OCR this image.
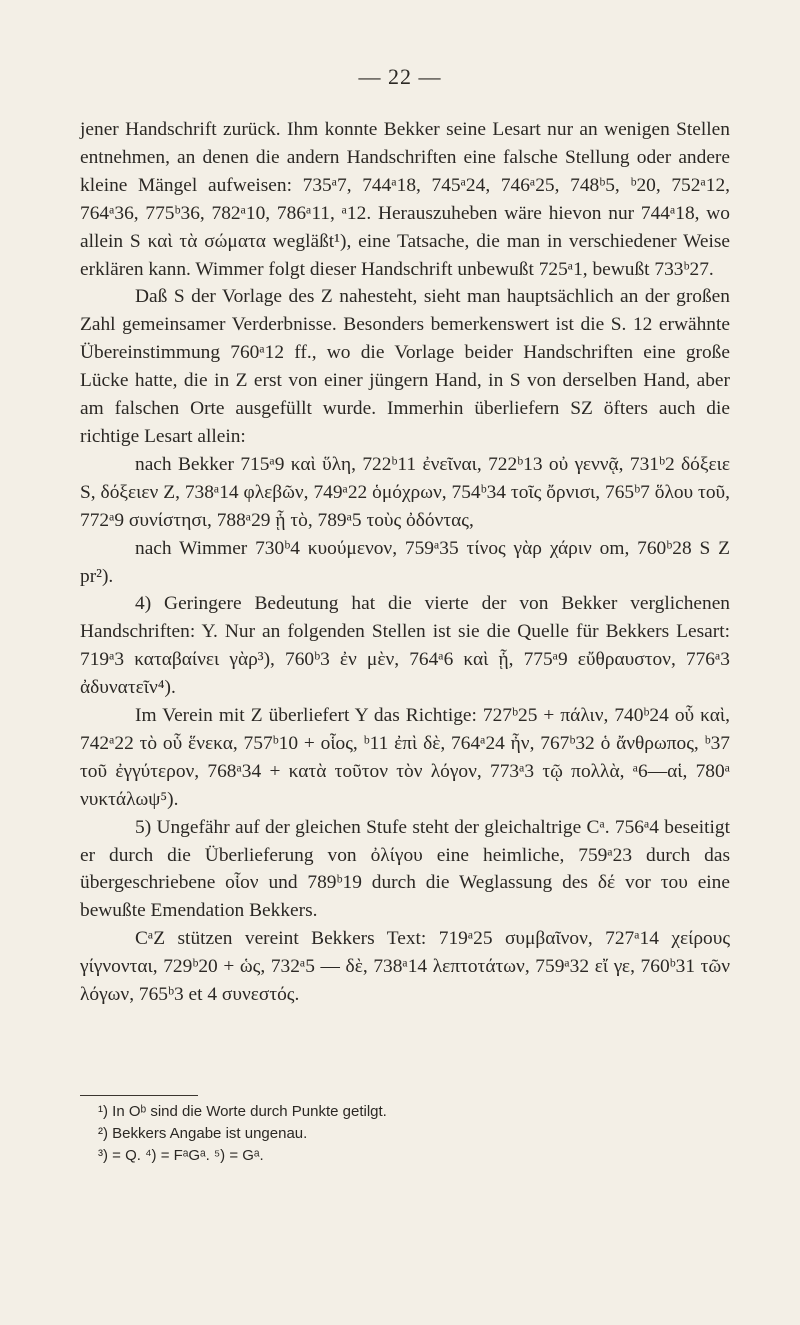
— 22 —

jener Handschrift zurück. Ihm konnte Bekker seine Lesart nur an wenigen Stellen entnehmen, an denen die andern Handschriften eine falsche Stellung oder andere kleine Mängel aufweisen: 735ᵃ7, 744ᵃ18, 745ᵃ24, 746ᵃ25, 748ᵇ5, ᵇ20, 752ᵃ12, 764ᵃ36, 775ᵇ36, 782ᵃ10, 786ᵃ11, ᵃ12. Herauszuheben wäre hievon nur 744ᵃ18, wo allein S καὶ τὰ σώματα wegläßt¹), eine Tatsache, die man in verschiedener Weise erklären kann. Wimmer folgt dieser Handschrift unbewußt 725ᵃ1, bewußt 733ᵇ27.

Daß S der Vorlage des Z nahesteht, sieht man hauptsächlich an der großen Zahl gemeinsamer Verderbnisse. Besonders bemerkenswert ist die S. 12 erwähnte Übereinstimmung 760ᵃ12 ff., wo die Vorlage beider Handschriften eine große Lücke hatte, die in Z erst von einer jüngern Hand, in S von derselben Hand, aber am falschen Orte ausgefüllt wurde. Immerhin überliefern SZ öfters auch die richtige Lesart allein:

nach Bekker 715ᵃ9 καὶ ὕλη, 722ᵇ11 ἐνεῖναι, 722ᵇ13 οὐ γεννᾷ, 731ᵇ2 δόξειε S, δόξειεν Z, 738ᵃ14 φλεβῶν, 749ᵃ22 ὁμόχρων, 754ᵇ34 τοῖς ὄρνισι, 765ᵇ7 ὅλου τοῦ, 772ᵃ9 συνίστησι, 788ᵃ29 ᾗ τὸ, 789ᵃ5 τοὺς ὀδόντας,

nach Wimmer 730ᵇ4 κυούμενον, 759ᵃ35 τίνος γὰρ χάριν om, 760ᵇ28 S Z pr²).

4) Geringere Bedeutung hat die vierte der von Bekker verglichenen Handschriften: Y. Nur an folgenden Stellen ist sie die Quelle für Bekkers Lesart: 719ᵃ3 καταβαίνει γὰρ³), 760ᵇ3 ἐν μὲν, 764ᵃ6 καὶ ᾗ, 775ᵃ9 εὔθραυστον, 776ᵃ3 ἀδυνατεῖν⁴).

Im Verein mit Z überliefert Y das Richtige: 727ᵇ25 + πάλιν, 740ᵇ24 οὗ καὶ, 742ᵃ22 τὸ οὗ ἕνεκα, 757ᵇ10 + οἷος, ᵇ11 ἐπὶ δὲ, 764ᵃ24 ἦν, 767ᵇ32 ὁ ἄνθρωπος, ᵇ37 τοῦ ἐγγύτερον, 768ᵃ34 + κατὰ τοῦτον τὸν λόγον, 773ᵃ3 τῷ πολλὰ, ᵃ6—αἱ, 780ᵃ νυκτάλωψ⁵).

5) Ungefähr auf der gleichen Stufe steht der gleichaltrige Cᵃ. 756ᵃ4 beseitigt er durch die Überlieferung von ὀλίγου eine heimliche, 759ᵃ23 durch das übergeschriebene οἷον und 789ᵇ19 durch die Weglassung des δέ vor του eine bewußte Emendation Bekkers.

CᵃZ stützen vereint Bekkers Text: 719ᵃ25 συμβαῖνον, 727ᵃ14 χείρους γίγνονται, 729ᵇ20 + ὡς, 732ᵃ5 — δὲ, 738ᵃ14 λεπτοτάτων, 759ᵃ32 εἴ γε, 760ᵇ31 τῶν λόγων, 765ᵇ3 et 4 συνεστός.

¹) In Oᵇ sind die Worte durch Punkte getilgt.
²) Bekkers Angabe ist ungenau.
³) = Q. ⁴) = FᵃGᵃ. ⁵) = Gᵃ.
